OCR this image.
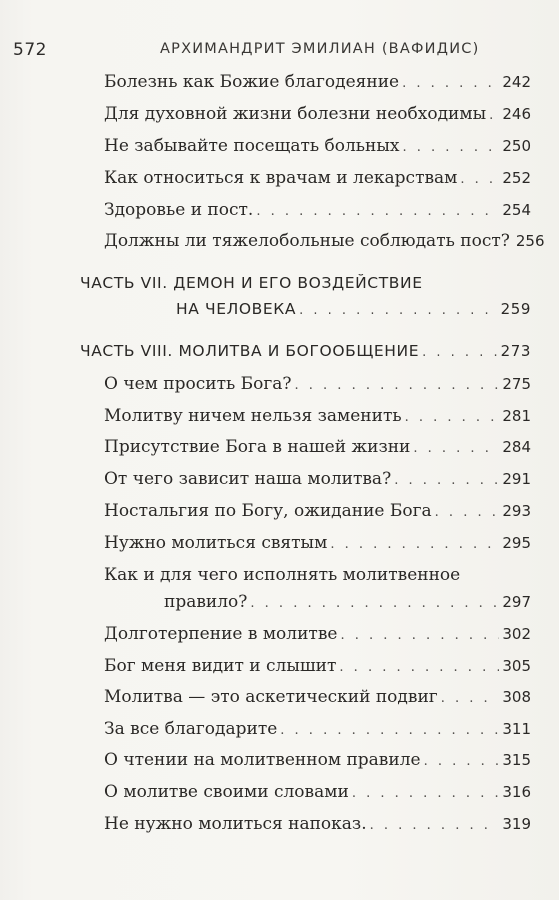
572	АРХИМАНДРИТ ЭМИЛИАН (ВАФИДИС)
Болезнь как Божие благодеяние . . .	242
Для духовной жизни болезни необходимы . . . 246
Не забывайте посещать больных . . .	250
Как относиться к врачам и лекарствам . . .	252
Здоровье и пост. . . .	254
Должны ли тяжелобольные соблюдать пост? 256
ЧАСТЬ VII. ДЕМОН И ЕГО ВОЗДЕЙСТВИЕ
НА ЧЕЛОВЕКА . . .	259
ЧАСТЬ VIII. МОЛИТВА И БОГООБЩЕНИЕ . . .	273
О чем просить Бога? . . .	275
Молитву ничем нельзя заменить . . .	281
Присутствие Бога в нашей жизни . . .	284
От чего зависит наша молитва? . . .	291
Ностальгия по Богу, ожидание Бога . . .	293
Нужно молиться святым . . .	295
Как и для чего исполнять молитвенное
правило? . . .	297
Долготерпение в молитве . . .	302
Бог меня видит и слышит . . .	305
Молитва — это аскетический подвиг . . .	308
За все благодарите . . .	311
О чтении на молитвенном правиле . . .	315
О молитве своими словами . . .	316
Не нужно молиться напоказ. . . .	319
